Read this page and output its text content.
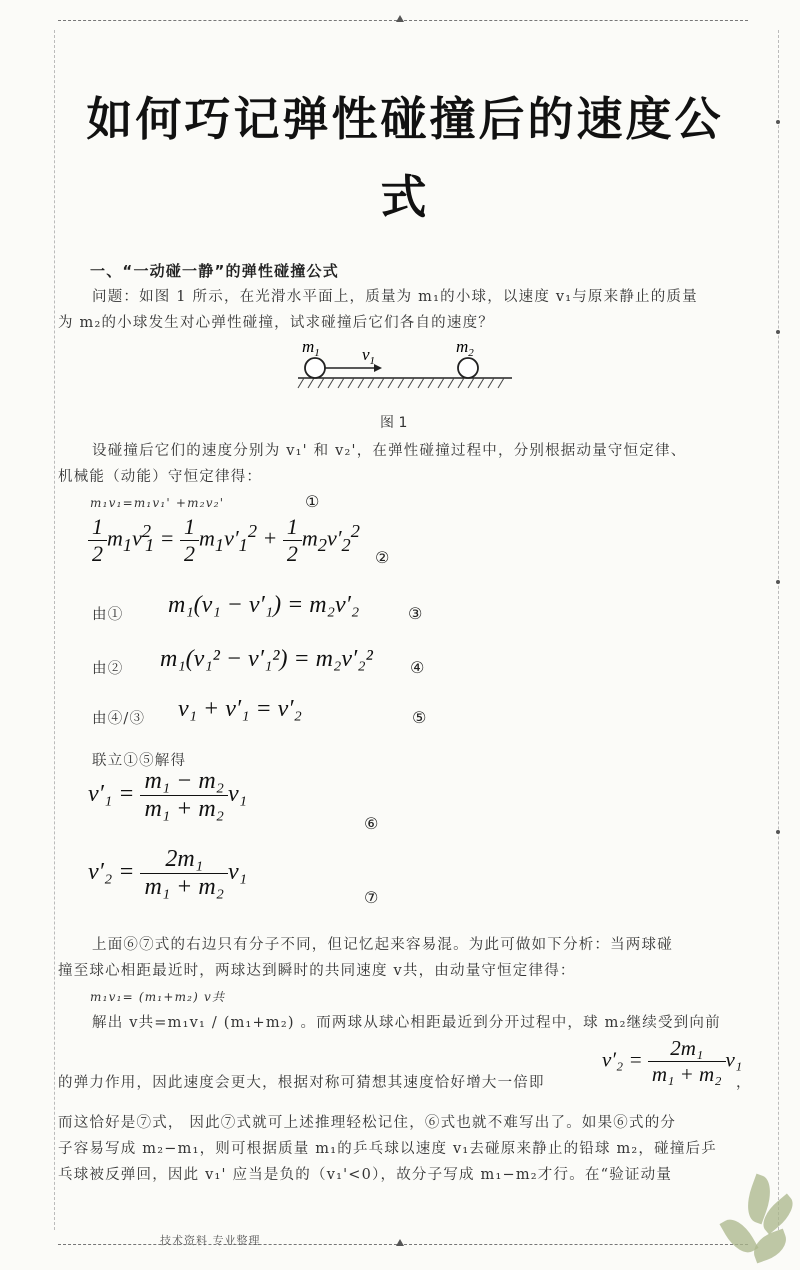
如何巧记弹性碰撞后的速度公
式
一、“一动碰一静”的弹性碰撞公式
问题：如图 1 所示，在光滑水平面上，质量为 m₁的小球，以速度 v₁与原来静止的质量
为 m₂的小球发生对心弹性碰撞，试求碰撞后它们各自的速度？
$m_1$ $v_1$
$m_2$
图 1
设碰撞后它们的速度分别为 v₁' 和 v₂'，在弹性碰撞过程中，分别根据动量守恒定律、
机械能（动能）守恒定律得：
m₁v₁=m₁v₁' +m₂v₂'	①
$\frac{1}{2} m_1v^2_1 = \frac{1}{2} m_1v'_1^2 + \frac{1}{2} m_2v'_2^2$
②
由① m₁(v₁ − v′₁) = m₂v′₂	③
由② m₁(v₁² − v′₁²) = m₂v′₂² ④
由④/③ v₁ + v′₁ = v′₂	⑤
联立①⑤解得
$v'_1 = \frac{\text{m₁ − m₂}}{\text{m₁ + m₂}} v_1$
⑥
$v'_2 = \frac{\text{2m₁}}{\text{m₁ + m₂}} v_1$
⑦
上面⑥⑦式的右边只有分子不同，但记忆起来容易混。为此可做如下分析：当两球碰
撞至球心相距最近时，两球达到瞬时的共同速度 v共，由动量守恒定律得：
m₁v₁= (m₁+m₂) v共
解出 v共=m₁v₁ / (m₁+m₂) 。而两球从球心相距最近到分开过程中，球 m₂继续受到向前
的弹力作用，因此速度会更大，根据对称可猜想其速度恰好增大一倍即
$v'_2 = \frac{\text{2m₁}}{\text{m₁ + m₂}} v_1$
，
而这恰好是⑦式， 因此⑦式就可上述推理轻松记住，⑥式也就不难写出了。如果⑥式的分
子容易写成 m₂−m₁，则可根据质量 m₁的乒乓球以速度 v₁去碰原来静止的铅球 m₂，碰撞后乒
乓球被反弹回，因此 v₁' 应当是负的（v₁'<0），故分子写成 m₁−m₂才行。在“验证动量
技术资料 专业整理
